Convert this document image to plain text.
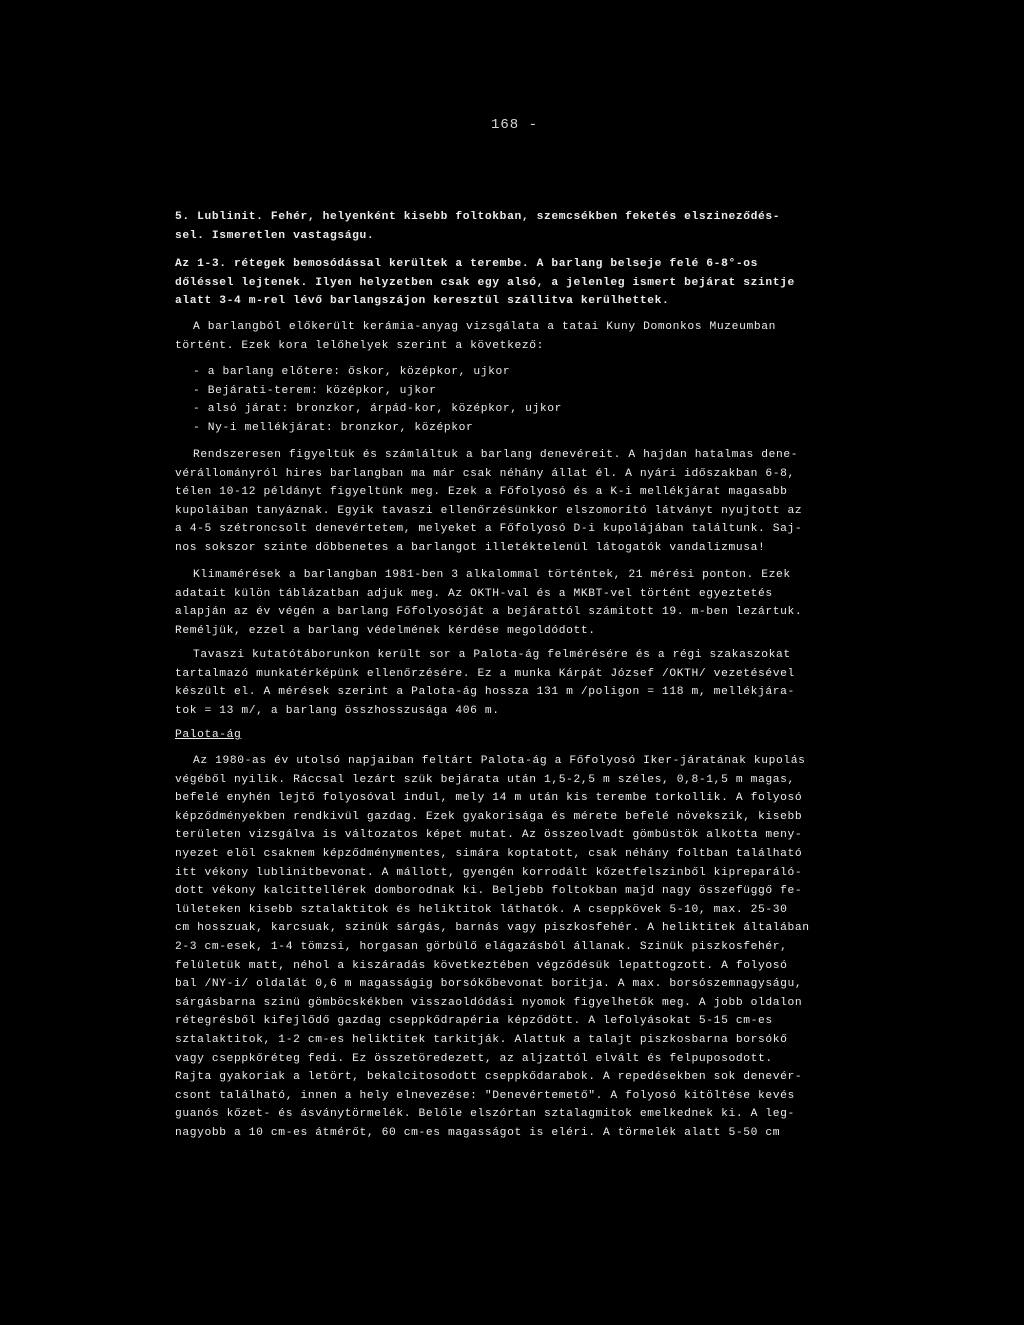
168 -
5. Lublinit. Fehér, helyenként kisebb foltokban, szemcsékben feketés elszineződés-
sel. Ismeretlen vastagságu.
Az 1-3. rétegek bemosódással kerültek a terembe. A barlang belseje felé 6-8°-os
dőléssel lejtenek. Ilyen helyzetben csak egy alsó, a jelenleg ismert bejárat szintje
alatt 3-4 m-rel lévő barlangszájon keresztül szállitva kerülhettek.
A barlangból előkerült kerámia-anyag vizsgálata a tatai Kuny Domonkos Muzeumban
történt. Ezek kora lelőhelyek szerint a következő:
- a barlang előtere: őskor, középkor, ujkor
- Bejárati-terem: középkor, ujkor
- alsó járat: bronzkor, árpád-kor, középkor, ujkor
- Ny-i mellékjárat: bronzkor, középkor
Rendszeresen figyeltük és számláltuk a barlang denevéreit. A hajdan hatalmas dene-
vérállományról hires barlangban ma már csak néhány állat él. A nyári időszakban 6-8,
télen 10-12 példányt figyeltünk meg. Ezek a Főfolyosó és a K-i mellékjárat magasabb
kupoláiban tanyáznak. Egyik tavaszi ellenőrzésünkkor elszomorító látványt nyujtott az
a 4-5 szétroncsolt denevértetem, melyeket a Főfolyosó D-i kupolájában találtunk. Saj-
nos sokszor szinte döbbenetes a barlangot illetéktelenül látogatók vandalizmusa!
Klimamérések a barlangban 1981-ben 3 alkalommal történtek, 21 mérési ponton. Ezek
adatait külön táblázatban adjuk meg. Az OKTH-val és a MKBT-vel történt egyeztetés
alapján az év végén a barlang Főfolyosóját a bejárattól számitott 19. m-ben lezártuk.
Reméljük, ezzel a barlang védelmének kérdése megoldódott.
Tavaszi kutatótáborunkon került sor a Palota-ág felmérésére és a régi szakaszokat
tartalmazó munkatérképünk ellenőrzésére. Ez a munka Kárpát József /OKTH/ vezetésével
készült el. A mérések szerint a Palota-ág hossza 131 m /poligon = 118 m, mellékjára-
tok = 13 m/, a barlang összhosszusága 406 m.
Palota-ág
Az 1980-as év utolsó napjaiban feltárt Palota-ág a Főfolyosó Iker-járatának kupolás
végéből nyilik. Ráccsal lezárt szük bejárata után 1,5-2,5 m széles, 0,8-1,5 m magas,
befelé enyhén lejtő folyosóval indul, mely 14 m után kis terembe torkollik. A folyosó
képződményekben rendkivül gazdag. Ezek gyakorisága és mérete befelé növekszik, kisebb
területen vizsgálva is változatos képet mutat. Az összeolvadt gömbüstök alkotta meny-
nyezet elöl csaknem képződménymentes, simára koptatott, csak néhány foltban található
itt vékony lublinitbevonat. A mállott, gyengén korrodált kőzetfelszinből kipreparáló-
dott vékony kalcittellérek domborodnak ki. Beljebb foltokban majd nagy összefüggő fe-
lületeken kisebb sztalaktitok és heliktitok láthatók. A cseppkövek 5-10, max. 25-30
cm hosszuak, karcsuak, szinük sárgás, barnás vagy piszkosfehér. A heliktitek általában
2-3 cm-esek, 1-4 tömzsi, horgasan görbülő elágazásból állanak. Szinük piszkosfehér,
felületük matt, néhol a kiszáradás következtében végződésük lepattogzott. A folyosó
bal /NY-i/ oldalát 0,6 m magasságig borsókőbevonat boritja. A max. borsószemnagyságu,
sárgásbarna szinü gömböcskékben visszaoldódási nyomok figyelhetők meg. A jobb oldalon
rétegrésből kifejlődő gazdag cseppkődrapéria képződött. A lefolyásokat 5-15 cm-es
sztalaktitok, 1-2 cm-es heliktitek tarkitják. Alattuk a talajt piszkosbarna borsókő
vagy cseppkőréteg fedi. Ez összetöredezett, az aljzattól elvált és felpuposodott.
Rajta gyakoriak a letört, bekalcitosodott cseppkődarabok. A repedésekben sok denevér-
csont található, innen a hely elnevezése: "Denevértemető". A folyosó kitöltése kevés
guanós kőzet- és ásványtörmelék. Belőle elszórtan sztalagmitok emelkednek ki. A leg-
nagyobb a 10 cm-es átmérőt, 60 cm-es magasságot is eléri. A törmelék alatt 5-50 cm
